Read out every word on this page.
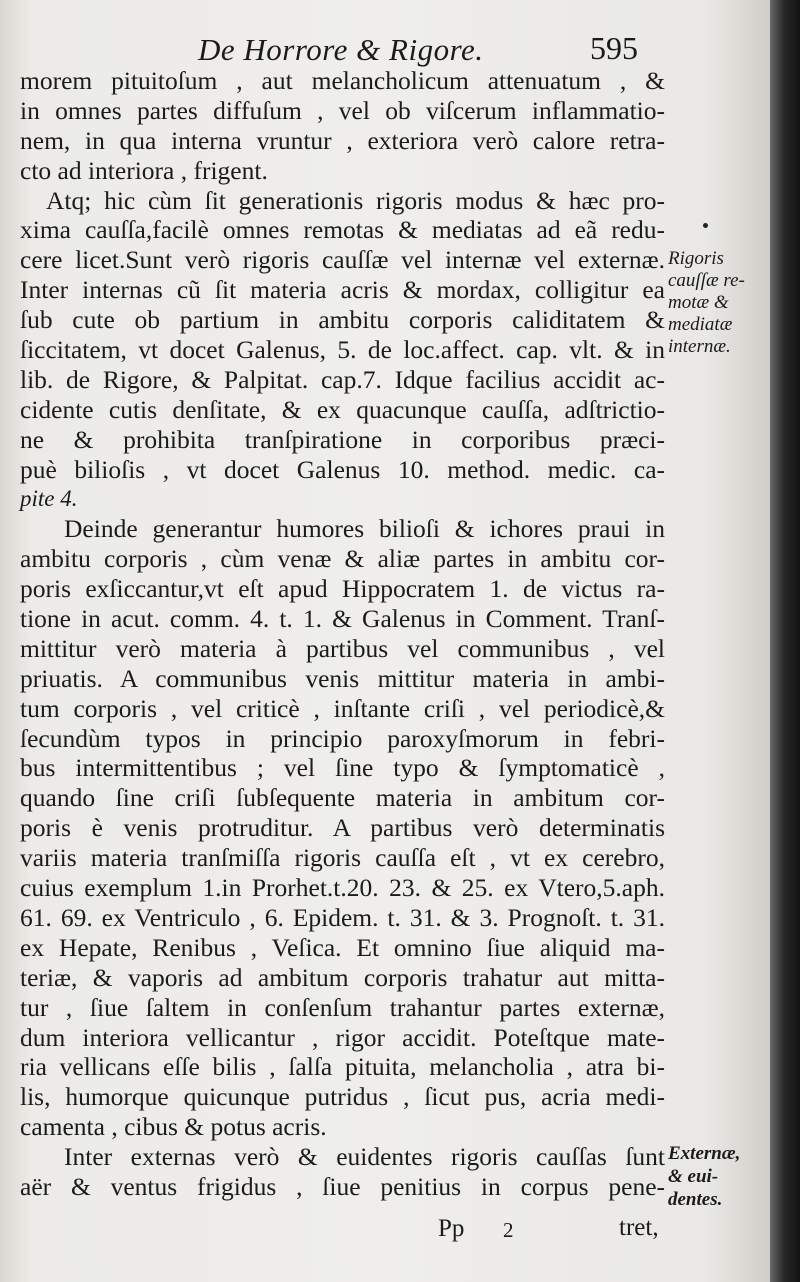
De Horrore & Rigore.	595
morem pituitoſum , aut melancholicum attenuatum , &
in omnes partes diffuſum , vel ob viſcerum inflammatio-
nem, in qua interna vruntur , exteriora verò calore retra-
cto ad interiora , frigent.
Atq; hic cùm ſit generationis rigoris modus & hæc pro-
xima cauſſa,facilè omnes remotas & mediatas ad eã redu-
cere licet.Sunt verò rigoris cauſſæ vel internæ vel externæ.
Inter internas cũ ſit materia acris & mordax, colligitur ea
ſub cute ob partium in ambitu corporis caliditatem &
ſiccitatem, vt docet Galenus, 5. de loc.affect. cap. vlt. & in
lib. de Rigore, & Palpitat. cap.7. Idque facilius accidit ac-
cidente cutis denſitate, & ex quacunque cauſſa, adſtrictio-
ne & prohibita tranſpiratione in corporibus præci-
puè bilioſis , vt docet Galenus 10. method. medic. ca-
pite 4.
Deinde generantur humores bilioſi & ichores praui in
ambitu corporis , cùm venæ & aliæ partes in ambitu cor-
poris exſiccantur,vt eſt apud Hippocratem 1. de victus ra-
tione in acut. comm. 4. t. 1. & Galenus in Comment. Tranſ-
mittitur verò materia à partibus vel communibus , vel
priuatis. A communibus venis mittitur materia in ambi-
tum corporis , vel criticè , inſtante criſi , vel periodicè,&
ſecundùm typos in principio paroxyſmorum in febri-
bus intermittentibus ; vel ſine typo & ſymptomaticè ,
quando ſine criſi ſubſequente materia in ambitum cor-
poris è venis protruditur. A partibus verò determinatis
variis materia tranſmiſſa rigoris cauſſa eſt , vt ex cerebro,
cuius exemplum 1.in Prorhet.t.20. 23. & 25. ex Vtero,5.aph.
61. 69. ex Ventriculo , 6. Epidem. t. 31. & 3. Prognoſt. t. 31.
ex Hepate, Renibus , Veſica. Et omnino ſiue aliquid ma-
teriæ, & vaporis ad ambitum corporis trahatur aut mitta-
tur , ſiue ſaltem in conſenſum trahantur partes externæ,
dum interiora vellicantur , rigor accidit. Poteſtque mate-
ria vellicans eſſe bilis , ſalſa pituita, melancholia , atra bi-
lis, humorque quicunque putridus , ſicut pus, acria medi-
camenta , cibus & potus acris.
Inter externas verò & euidentes rigoris cauſſas ſunt
aër & ventus frigidus , ſiue penitius in corpus pene-
Rigoris
cauſſæ re-
motæ &
mediatæ
internæ.
Externæ,
& eui-
dentes.
Pp 2	tret,
